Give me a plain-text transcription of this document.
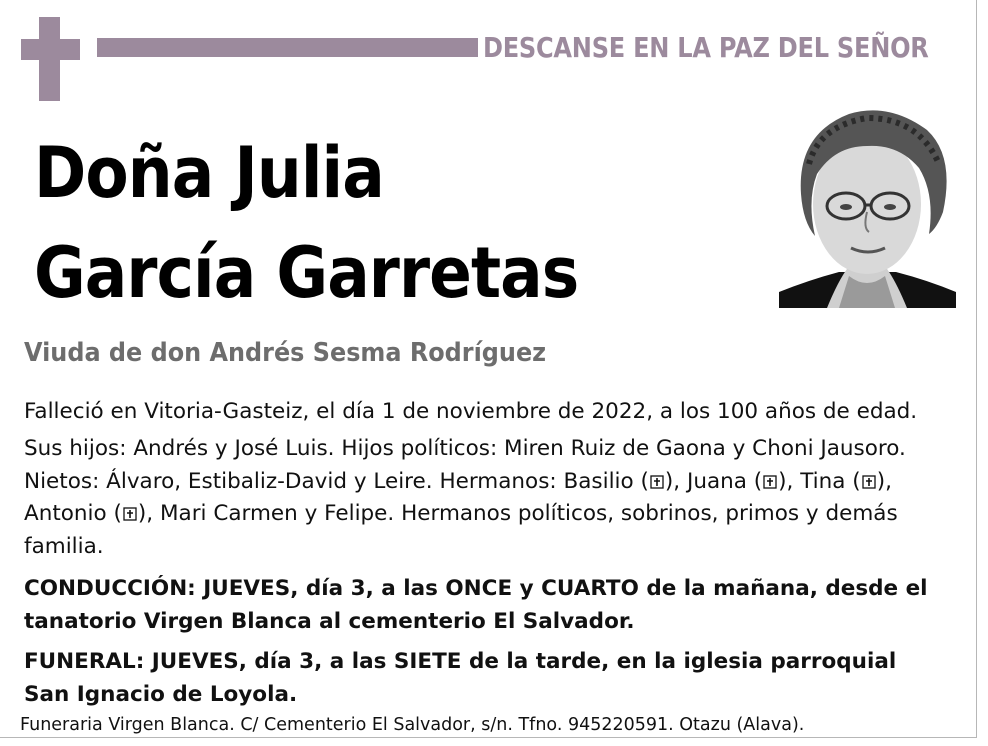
DESCANSE EN LA PAZ DEL SEÑOR
Doña Julia
García Garretas
Viuda de don Andrés Sesma Rodríguez
Falleció en Vitoria-Gasteiz, el día 1 de noviembre de 2022, a los 100 años de edad.
Sus hijos: Andrés y José Luis. Hijos políticos: Miren Ruiz de Gaona y Choni Jausoro. Nietos: Álvaro, Estibaliz-David y Leire. Hermanos: Basilio ( ), Juana ( ), Tina ( ), Antonio ( ), Mari Carmen y Felipe. Hermanos políticos, sobrinos, primos y demás familia.
CONDUCCIÓN: JUEVES, día 3, a las ONCE y CUARTO de la mañana, desde el tanatorio Virgen Blanca al cementerio El Salvador.
FUNERAL: JUEVES, día 3, a las SIETE de la tarde, en la iglesia parroquial San Ignacio de Loyola.
Funeraria Virgen Blanca. C/ Cementerio El Salvador, s/n. Tfno. 945220591. Otazu (Alava).
